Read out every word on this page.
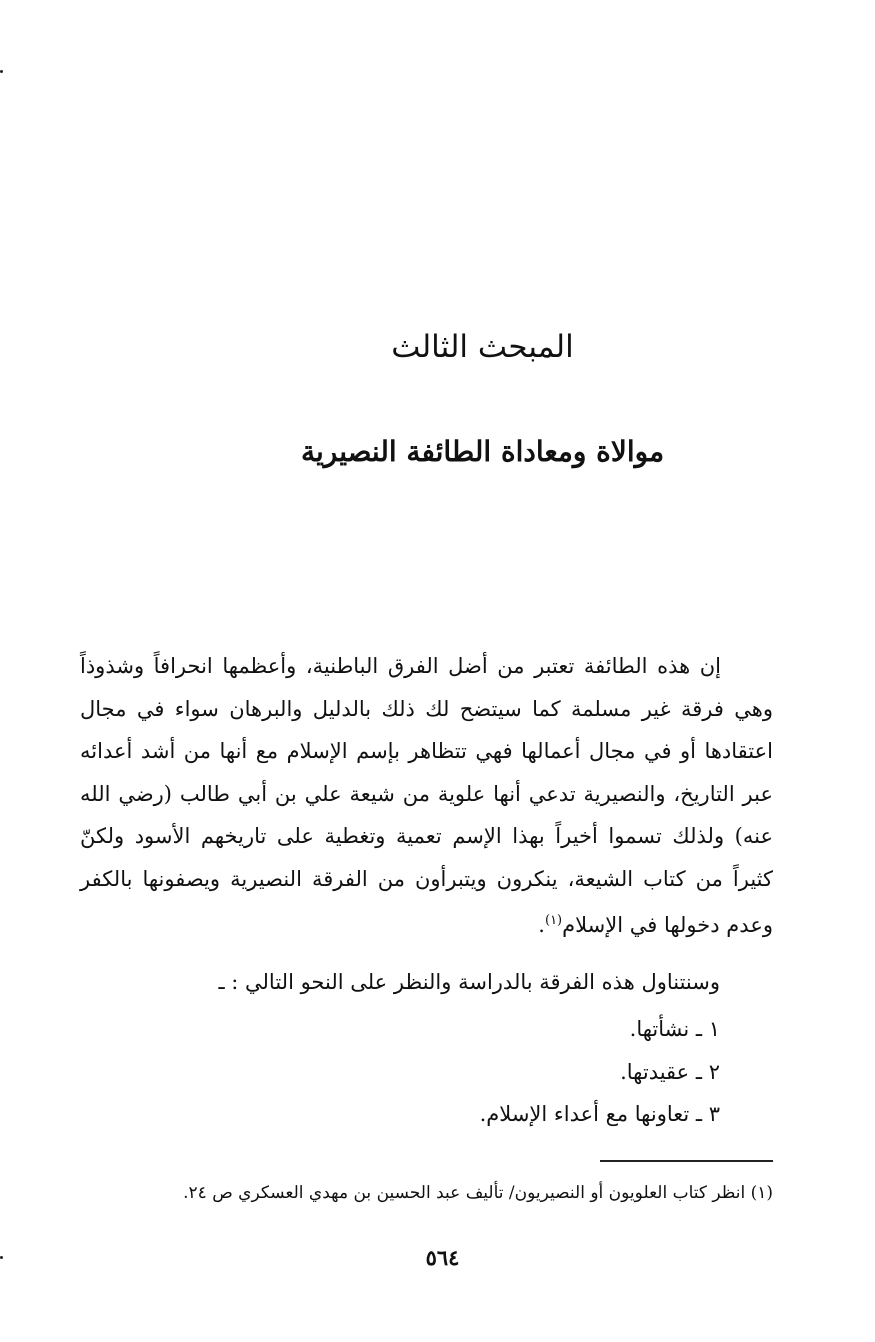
المبحث الثالث
موالاة ومعاداة الطائفة النصيرية

إن هذه الطائفة تعتبر من أضل الفرق الباطنية، وأعظمها انحرافاً وشذوذاً وهي فرقة غير مسلمة كما سيتضح لك ذلك بالدليل والبرهان سواء في مجال اعتقادها أو في مجال أعمالها فهي تتظاهر بإسم الإسلام مع أنها من أشد أعدائه عبر التاريخ، والنصيرية تدعي أنها علوية من شيعة علي بن أبي طالب (رضي الله عنه) ولذلك تسموا أخيراً بهذا الإسم تعمية وتغطية على تاريخهم الأسود ولكنّ كثيراً من كتاب الشيعة، ينكرون ويتبرأون من الفرقة النصيرية ويصفونها بالكفر وعدم دخولها في الإسلام$^{(١)}$.

وسنتناول هذه الفرقة بالدراسة والنظر على النحو التالي : ـ

١ ـ نشأتها.
٢ ـ عقيدتها.
٣ ـ تعاونها مع أعداء الإسلام.

(١) انظر كتاب العلويون أو النصيريون/ تأليف عبد الحسين بن مهدي العسكري ص ٢٤.

٥٦٤
